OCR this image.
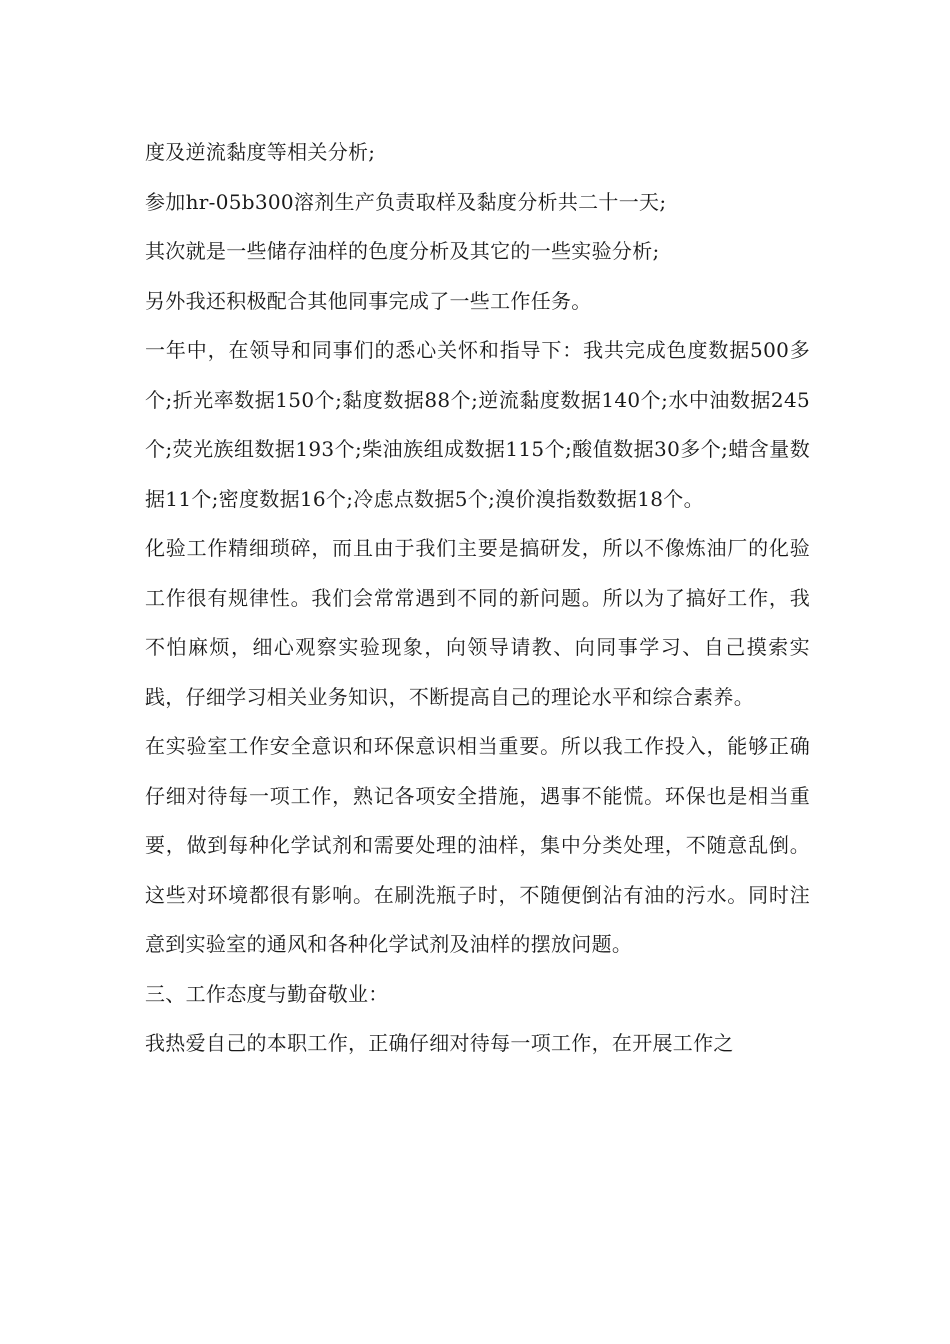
度及逆流黏度等相关分析;

参加hr-05b300溶剂生产负责取样及黏度分析共二十一天;

其次就是一些储存油样的色度分析及其它的一些实验分析;

另外我还积极配合其他同事完成了一些工作任务。

一年中，在领导和同事们的悉心关怀和指导下：我共完成色度数据500多个;折光率数据150个;黏度数据88个;逆流黏度数据140个;水中油数据245个;荧光族组数据193个;柴油族组成数据115个;酸值数据30多个;蜡含量数据11个;密度数据16个;冷虑点数据5个;溴价溴指数数据18个。

化验工作精细琐碎，而且由于我们主要是搞研发，所以不像炼油厂的化验工作很有规律性。我们会常常遇到不同的新问题。所以为了搞好工作，我不怕麻烦，细心观察实验现象，向领导请教、向同事学习、自己摸索实践，仔细学习相关业务知识，不断提高自己的理论水平和综合素养。

在实验室工作安全意识和环保意识相当重要。所以我工作投入，能够正确仔细对待每一项工作，熟记各项安全措施，遇事不能慌。环保也是相当重要，做到每种化学试剂和需要处理的油样，集中分类处理，不随意乱倒。这些对环境都很有影响。在刷洗瓶子时，不随便倒沾有油的污水。同时注意到实验室的通风和各种化学试剂及油样的摆放问题。

三、工作态度与勤奋敬业：

我热爱自己的本职工作，正确仔细对待每一项工作，在开展工作之
